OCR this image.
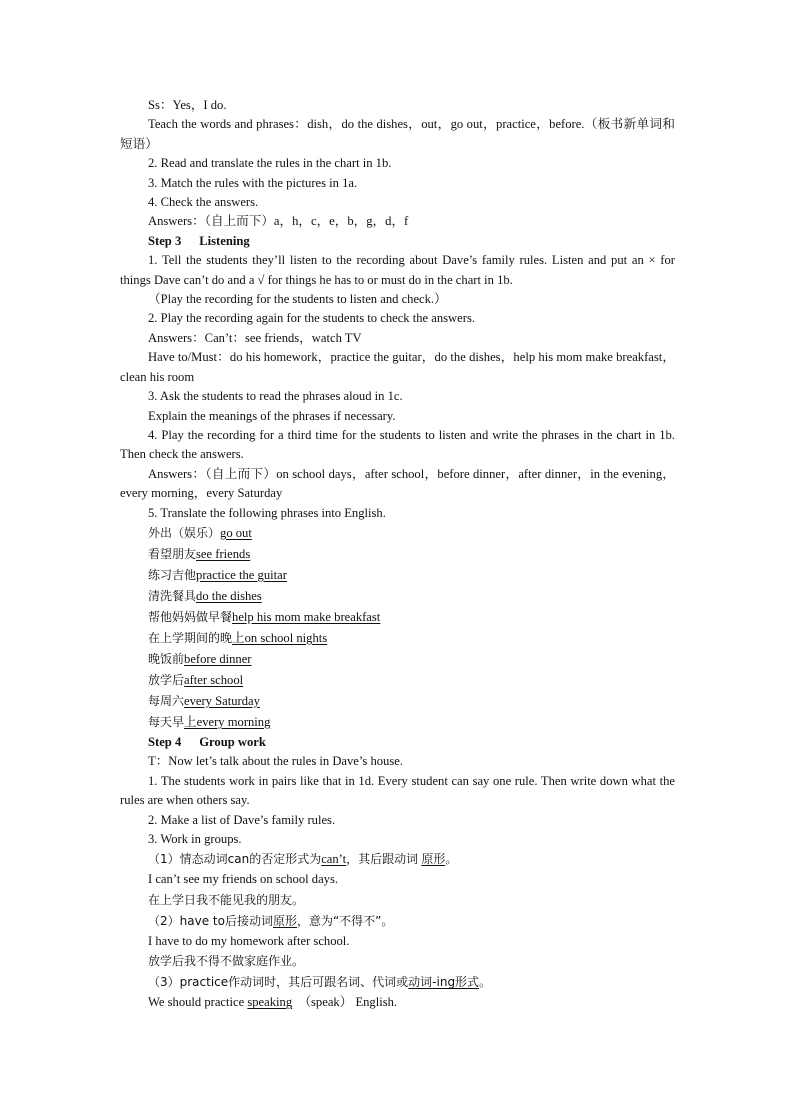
Ss：Yes，I do.

Teach the words and phrases：dish，do the dishes，out，go out，practice，before.（板书新单词和短语）

2. Read and translate the rules in the chart in 1b.

3. Match the rules with the pictures in 1a.

4. Check the answers.

Answers：（自上而下）a，h，c，e，b，g，d，f

Step 3 Listening

1. Tell the students they’ll listen to the recording about Dave’s family rules. Listen and put an × for things Dave can’t do and a √ for things he has to or must do in the chart in 1b.

（Play the recording for the students to listen and check.）

2. Play the recording again for the students to check the answers.

Answers：Can’t：see friends，watch TV

Have to/Must：do his homework，practice the guitar，do the dishes，help his mom make breakfast，clean his room

3. Ask the students to read the phrases aloud in 1c.

Explain the meanings of the phrases if necessary.

4. Play the recording for a third time for the students to listen and write the phrases in the chart in 1b. Then check the answers.

Answers：（自上而下）on school days，after school，before dinner，after dinner，in the evening，every morning，every Saturday

5. Translate the following phrases into English.

外出（娱乐）go out

看望朋友see friends

练习吉他practice the guitar

清洗餐具do the dishes

帮他妈妈做早餐help his mom make breakfast

在上学期间的晚上on school nights

晚饭前before dinner

放学后after school

每周六every Saturday

每天早上every morning

Step 4 Group work

T：Now let’s talk about the rules in Dave’s house.

1. The students work in pairs like that in 1d. Every student can say one rule. Then write down what the rules are when others say.

2. Make a list of Dave’s family rules.

3. Work in groups.

（1）情态动词can的否定形式为can’t，其后跟动词 原形。

I can’t see my friends on school days.

在上学日我不能见我的朋友。

（2）have to后接动词原形，意为“不得不”。

I have to do my homework after school.

放学后我不得不做家庭作业。

（3）practice作动词时，其后可跟名词、代词或动词-ing形式。

We should practice speaking （speak） English.
